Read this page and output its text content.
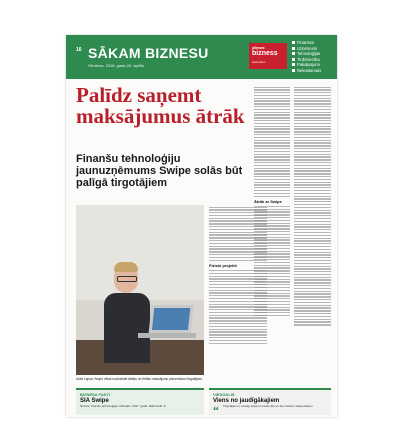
16 SĀKAM BIZNESU
Otrdiena, 2018. gada 24. aprīlis
dienas
bizness
www.db.lv
Finanses
Uzņēmumi
Tehnoloģijas
Tirdzniecība
Pakalpojumi
Nekustamais
Palīdz saņemt maksājumus ātrāk
Finanšu tehnoloģiju jaunuzņēmums Swipe solās būt palīgā tirgotājiem
Uldis Lapsa: Swipe vēlas nodrošināt ātrāku un ērtāku maksājumu pieņemšanu tirgotājiem.
Fiziski projekti
Ātrāk ar Swipe
BIZNESA FAKTI
SIA Swipe
Nozare: finanšu tehnoloģijas. Dibināts: 2017. gadā. Darbinieki: 5.
VIEDOKLIS
Viens no jaudīgākajiem
“ Tirgotājiem ir svarīgi saņemt naudu ātri un bez liekiem starpniekiem.
